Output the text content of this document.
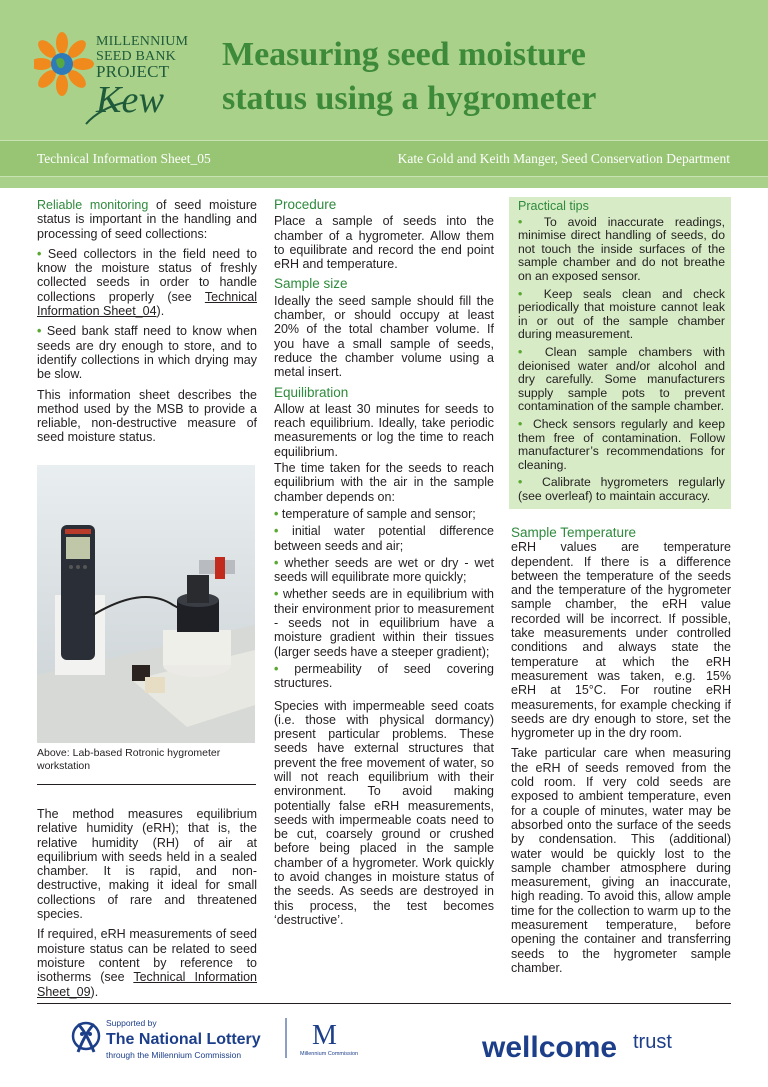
MILLENNIUM
SEED BANK
PROJECT
Kew
Measuring seed moisture
status using a hygrometer
Technical Information Sheet_05	Kate Gold and Keith Manger, Seed Conservation Department

Reliable monitoring of seed moisture status is important in the handling and processing of seed collections:

• Seed collectors in the field need to know the moisture status of freshly collected seeds in order to handle collections properly (see Technical Information Sheet_04).

• Seed bank staff need to know when seeds are dry enough to store, and to identify collections in which drying may be slow.

This information sheet describes the method used by the MSB to provide a reliable, non-destructive measure of seed moisture status.

Above: Lab-based Rotronic hygrometer workstation

The method measures equilibrium relative humidity (eRH); that is, the relative humidity (RH) of air at equilibrium with seeds held in a sealed chamber. It is rapid, and non-destructive, making it ideal for small collections of rare and threatened species.

If required, eRH measurements of seed moisture status can be related to seed moisture content by reference to isotherms (see Technical Information Sheet_09).

Procedure

Place a sample of seeds into the chamber of a hygrometer. Allow them to equilibrate and record the end point eRH and temperature.

Sample size

Ideally the seed sample should fill the chamber, or should occupy at least 20% of the total chamber volume. If you have a small sample of seeds, reduce the chamber volume using a metal insert.

Equilibration

Allow at least 30 minutes for seeds to reach equilibrium. Ideally, take periodic measurements or log the time to reach equilibrium.

The time taken for the seeds to reach equilibrium with the air in the sample chamber depends on:

• temperature of sample and sensor;

• initial water potential difference between seeds and air;

• whether seeds are wet or dry - wet seeds will equilibrate more quickly;

• whether seeds are in equilibrium with their environment prior to measurement - seeds not in equilibrium have a moisture gradient within their tissues (larger seeds have a steeper gradient);

• permeability of seed covering structures.

Species with impermeable seed coats (i.e. those with physical dormancy) present particular problems. These seeds have external structures that prevent the free movement of water, so will not reach equilibrium with their environment. To avoid making potentially false eRH measurements, seeds with impermeable coats need to be cut, coarsely ground or crushed before being placed in the sample chamber of a hygrometer. Work quickly to avoid changes in moisture status of the seeds. As seeds are destroyed in this process, the test becomes ‘destructive’.

Practical tips

• To avoid inaccurate readings, minimise direct handling of seeds, do not touch the inside surfaces of the sample chamber and do not breathe on an exposed sensor.

• Keep seals clean and check periodically that moisture cannot leak in or out of the sample chamber during measurement.

• Clean sample chambers with deionised water and/or alcohol and dry carefully. Some manufacturers supply sample pots to prevent contamination of the sample chamber.

• Check sensors regularly and keep them free of contamination. Follow manufacturer’s recommendations for cleaning.

• Calibrate hygrometers regularly (see overleaf) to maintain accuracy.

Sample Temperature

eRH values are temperature dependent. If there is a difference between the temperature of the seeds and the temperature of the hygrometer sample chamber, the eRH value recorded will be incorrect. If possible, take measurements under controlled conditions and always state the temperature at which the eRH measurement was taken, e.g. 15% eRH at 15°C. For routine eRH measurements, for example checking if seeds are dry enough to store, set the hygrometer up in the dry room.

Take particular care when measuring the eRH of seeds removed from the cold room. If very cold seeds are exposed to ambient temperature, even for a couple of minutes, water may be absorbed onto the surface of the seeds by condensation. This (additional) water would be quickly lost to the sample chamber atmosphere during measurement, giving an inaccurate, high reading. To avoid this, allow ample time for the collection to warm up to the measurement temperature, before opening the container and transferring seeds to the hygrometer sample chamber.

Supported by
The National Lottery
through the Millennium Commission
M
Millennium Commission	wellcome trust
